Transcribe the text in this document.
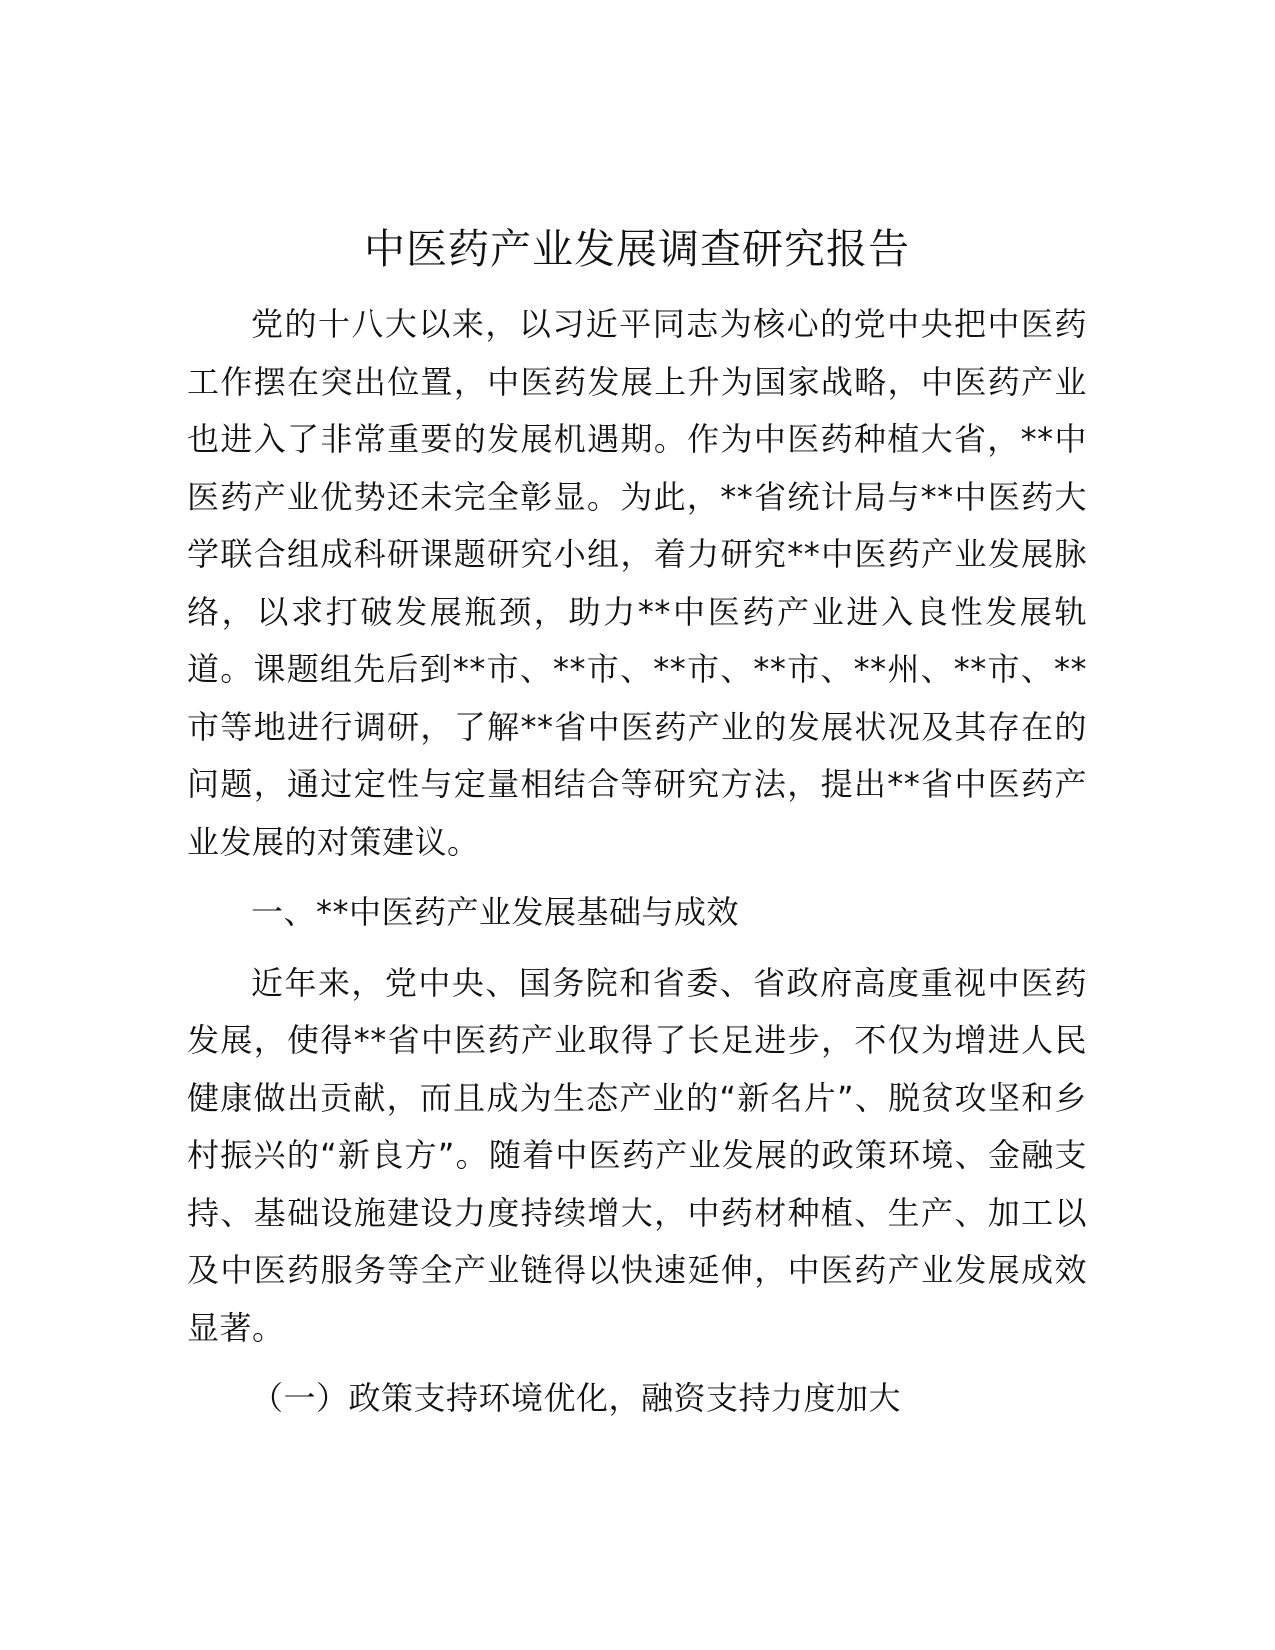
中医药产业发展调查研究报告

党的十八大以来，以习近平同志为核心的党中央把中医药工作摆在突出位置，中医药发展上升为国家战略，中医药产业也进入了非常重要的发展机遇期。作为中医药种植大省，**中医药产业优势还未完全彰显。为此，**省统计局与**中医药大学联合组成科研课题研究小组，着力研究**中医药产业发展脉络，以求打破发展瓶颈，助力**中医药产业进入良性发展轨道。课题组先后到**市、**市、**市、**市、**州、**市、**市等地进行调研，了解**省中医药产业的发展状况及其存在的问题，通过定性与定量相结合等研究方法，提出**省中医药产业发展的对策建议。

一、**中医药产业发展基础与成效

近年来，党中央、国务院和省委、省政府高度重视中医药发展，使得**省中医药产业取得了长足进步，不仅为增进人民健康做出贡献，而且成为生态产业的“新名片”、脱贫攻坚和乡村振兴的“新良方”。随着中医药产业发展的政策环境、金融支持、基础设施建设力度持续增大，中药材种植、生产、加工以及中医药服务等全产业链得以快速延伸，中医药产业发展成效显著。

（一）政策支持环境优化，融资支持力度加大
